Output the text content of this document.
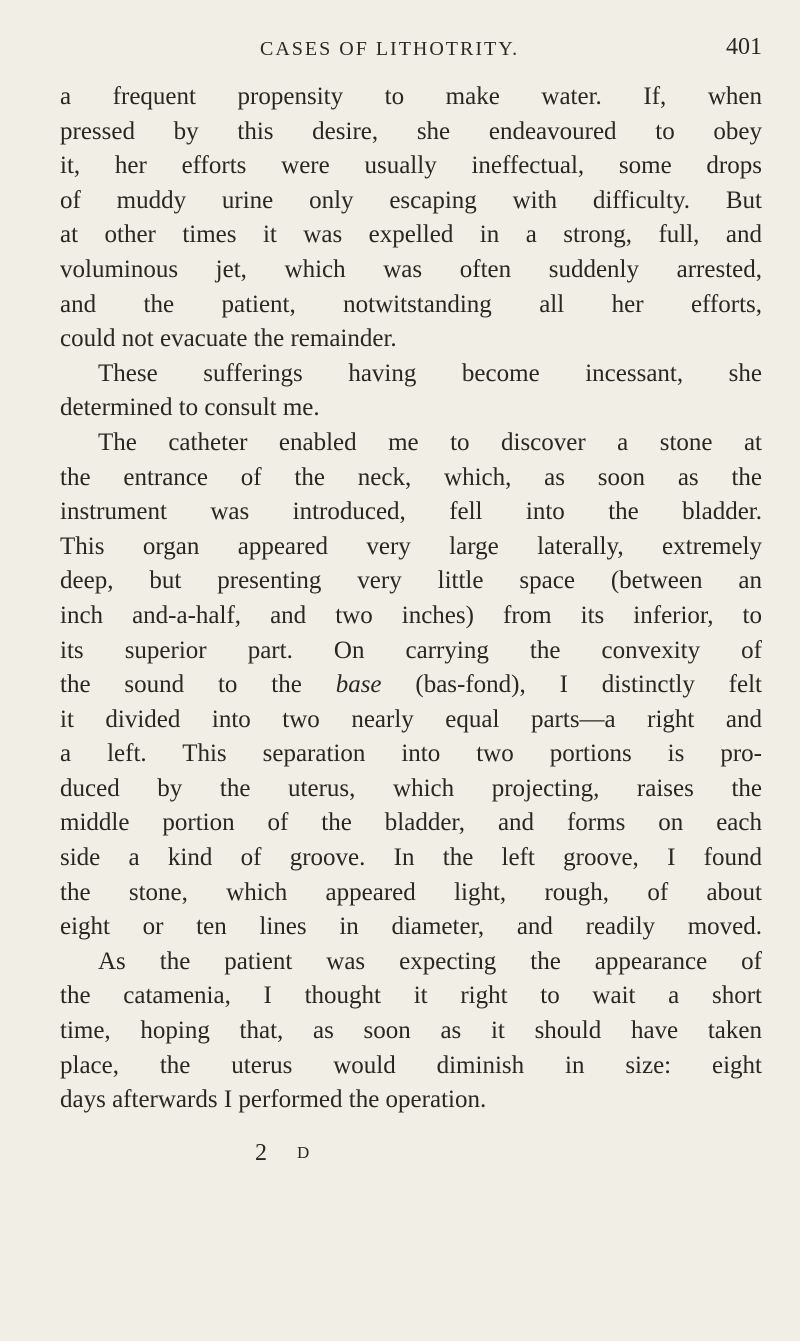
CASES OF LITHOTRITY.	401
a frequent propensity to make water. If, when
pressed by this desire, she endeavoured to obey
it, her efforts were usually ineffectual, some drops
of muddy urine only escaping with difficulty. But
at other times it was expelled in a strong, full, and
voluminous jet, which was often suddenly arrested,
and the patient, notwitstanding all her efforts,
could not evacuate the remainder.
These sufferings having become incessant, she
determined to consult me.
The catheter enabled me to discover a stone at
the entrance of the neck, which, as soon as the
instrument was introduced, fell into the bladder.
This organ appeared very large laterally, extremely
deep, but presenting very little space (between an
inch and-a-half, and two inches) from its inferior, to
its superior part. On carrying the convexity of
the sound to the base (bas-fond), I distinctly felt
it divided into two nearly equal parts—a right and
a left. This separation into two portions is pro-
duced by the uterus, which projecting, raises the
middle portion of the bladder, and forms on each
side a kind of groove. In the left groove, I found
the stone, which appeared light, rough, of about
eight or ten lines in diameter, and readily moved.
As the patient was expecting the appearance of
the catamenia, I thought it right to wait a short
time, hoping that, as soon as it should have taken
place, the uterus would diminish in size: eight
days afterwards I performed the operation.
2 D
